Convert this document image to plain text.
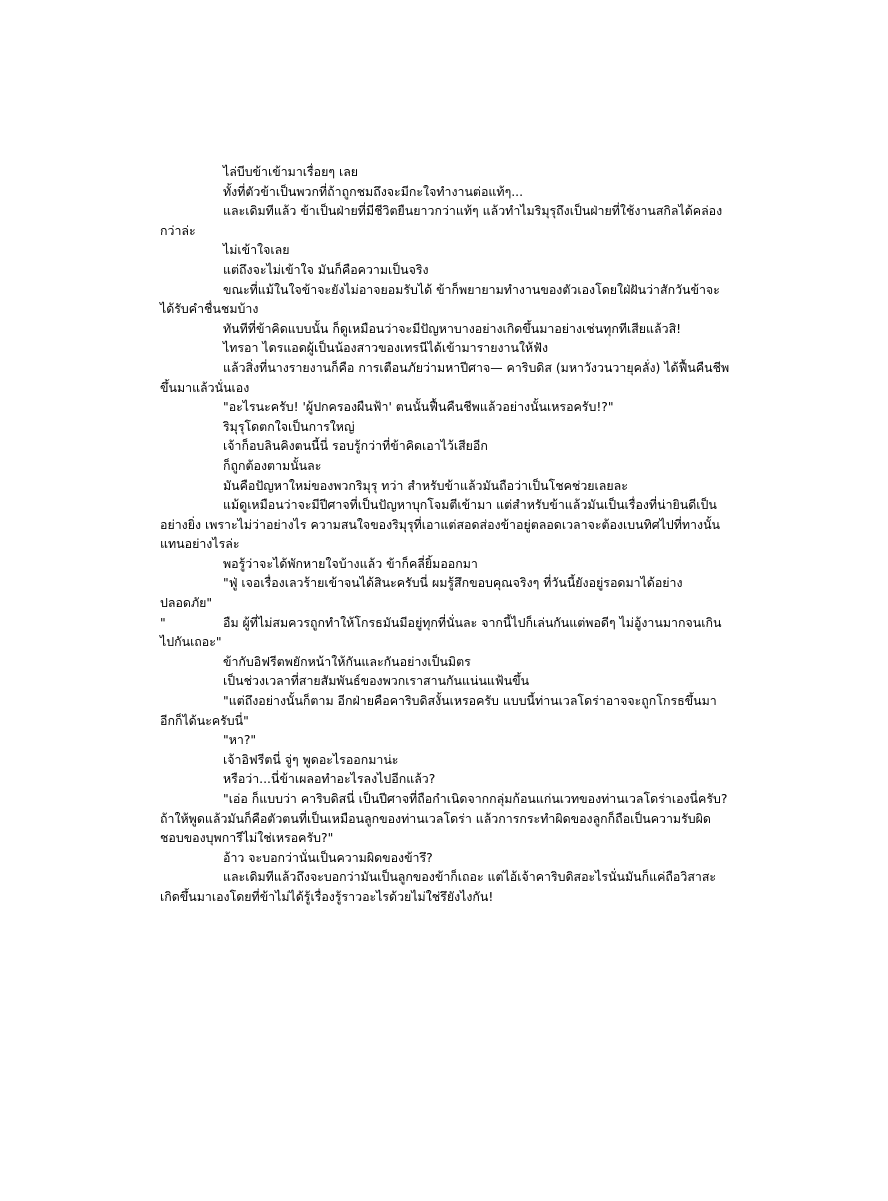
ไล่บีบข้าเข้ามาเรื่อยๆ เลย

ทั้งที่ตัวข้าเป็นพวกที่ถ้าถูกชมถึงจะมีกะใจทำงานต่อแท้ๆ...

และเดิมทีแล้ว ข้าเป็นฝ่ายที่มีชีวิตยืนยาวกว่าแท้ๆ แล้วทำไมริมุรุถึงเป็นฝ่ายที่ใช้งานสกิลได้คล่องกว่าล่ะ

ไม่เข้าใจเลย

แต่ถึงจะไม่เข้าใจ มันก็คือความเป็นจริง

ขณะที่แม้ในใจข้าจะยังไม่อาจยอมรับได้ ข้าก็พยายามทำงานของตัวเองโดยใฝ่ฝันว่าสักวันข้าจะได้รับคำชื่นชมบ้าง

ทันทีที่ข้าคิดแบบนั้น ก็ดูเหมือนว่าจะมีปัญหาบางอย่างเกิดขึ้นมาอย่างเช่นทุกทีเสียแล้วสิ!

ไทรอา ไดรแอดผู้เป็นน้องสาวของเทรนีได้เข้ามารายงานให้ฟัง

แล้วสิ่งที่นางรายงานก็คือ การเตือนภัยว่ามหาปีศาจ— คาริบดิส (มหาวังวนวายุคลั่ง) ได้ฟื้นคืนชีพขึ้นมาแล้วนั่นเอง

"อะไรนะครับ! 'ผู้ปกครองผืนฟ้า' ตนนั้นฟื้นคืนชีพแล้วอย่างนั้นเหรอครับ!?"

ริมุรุโดตกใจเป็นการใหญ่

เจ้าก็อบลินคิงตนนี้นี่ รอบรู้กว่าที่ข้าคิดเอาไว้เสียอีก

ก็ถูกต้องตามนั้นละ

มันคือปัญหาใหม่ของพวกริมุรุ ทว่า สำหรับข้าแล้วมันถือว่าเป็นโชคช่วยเลยละ

แม้ดูเหมือนว่าจะมีปีศาจที่เป็นปัญหาบุกโจมตีเข้ามา แต่สำหรับข้าแล้วมันเป็นเรื่องที่น่ายินดีเป็นอย่างยิ่ง เพราะไม่ว่าอย่างไร ความสนใจของริมุรุที่เอาแต่สอดส่องข้าอยู่ตลอดเวลาจะต้องเบนทิศไปที่ทางนั้นแทนอย่างไรล่ะ

พอรู้ว่าจะได้พักหายใจบ้างแล้ว ข้าก็คลี่ยิ้มออกมา

"ฟู่ เจอเรื่องเลวร้ายเข้าจนได้สินะครับนี่ ผมรู้สึกขอบคุณจริงๆ ที่วันนี้ยังอยู่รอดมาได้อย่างปลอดภัย"

"	อืม ผู้ที่ไม่สมควรถูกทำให้โกรธมันมีอยู่ทุกที่นั่นละ จากนี้ไปก็เล่นกันแต่พอดีๆ ไม่อู้งานมากจนเกินไปกันเถอะ"

ข้ากับอิฟรีตพยักหน้าให้กันและกันอย่างเป็นมิตร

เป็นช่วงเวลาที่สายสัมพันธ์ของพวกเราสานกันแน่นแฟ้นขึ้น

"แต่ถึงอย่างนั้นก็ตาม อีกฝ่ายคือคาริบดิสงั้นเหรอครับ แบบนี้ท่านเวลโดร่าอาจจะถูกโกรธขึ้นมาอีกก็ได้นะครับนี่"

"หา?"

เจ้าอิฟรีตนี่ จู่ๆ พูดอะไรออกมาน่ะ

หรือว่า...นี่ข้าเผลอทำอะไรลงไปอีกแล้ว?

"เอ่อ ก็แบบว่า คาริบดิสนี่ เป็นปีศาจที่ถือกำเนิดจากกลุ่มก้อนแก่นเวทของท่านเวลโดร่าเองนี่ครับ? ถ้าให้พูดแล้วมันก็คือตัวตนที่เป็นเหมือนลูกของท่านเวลโดร่า แล้วการกระทำผิดของลูกก็ถือเป็นความรับผิดชอบของบุพการีไม่ใช่เหรอครับ?"

อ้าว จะบอกว่านั่นเป็นความผิดของข้ารึ?

และเดิมทีแล้วถึงจะบอกว่ามันเป็นลูกของข้าก็เถอะ แต่ไอ้เจ้าคาริบดิสอะไรนั่นมันก็แค่ถือวิสาสะเกิดขึ้นมาเองโดยที่ข้าไม่ได้รู้เรื่องรู้ราวอะไรด้วยไม่ใช่รึยังไงกัน!
